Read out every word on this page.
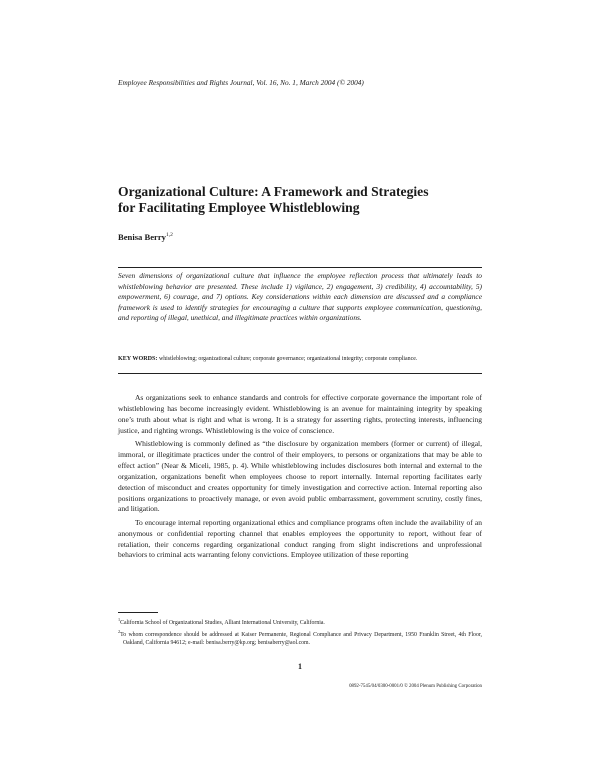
Employee Responsibilities and Rights Journal, Vol. 16, No. 1, March 2004 (© 2004)
Organizational Culture: A Framework and Strategies
for Facilitating Employee Whistleblowing
Benisa Berry$^{1,2}$
Seven dimensions of organizational culture that influence the employee reflection process that ultimately leads to whistleblowing behavior are presented. These include 1) vigilance, 2) engagement, 3) credibility, 4) accountability, 5) empowerment, 6) courage, and 7) options. Key considerations within each dimension are discussed and a compliance framework is used to identify strategies for encouraging a culture that supports employee communication, questioning, and reporting of illegal, unethical, and illegitimate practices within organizations.
KEY WORDS: whistleblowing; organizational culture; corporate governance; organizational integrity; corporate compliance.

As organizations seek to enhance standards and controls for effective corporate governance the important role of whistleblowing has become increasingly evident. Whistleblowing is an avenue for maintaining integrity by speaking one’s truth about what is right and what is wrong. It is a strategy for asserting rights, protecting interests, influencing justice, and righting wrongs. Whistleblowing is the voice of conscience.

Whistleblowing is commonly defined as “the disclosure by organization members (former or current) of illegal, immoral, or illegitimate practices under the control of their employers, to persons or organizations that may be able to effect action” (Near & Miceli, 1985, p. 4). While whistleblowing includes disclosures both internal and external to the organization, organizations benefit when employees choose to report internally. Internal reporting facilitates early detection of misconduct and creates opportunity for timely investigation and corrective action. Internal reporting also positions organizations to proactively manage, or even avoid public embarrassment, government scrutiny, costly fines, and litigation.

To encourage internal reporting organizational ethics and compliance programs often include the availability of an anonymous or confidential reporting channel that enables employees the opportunity to report, without fear of retaliation, their concerns regarding organizational conduct ranging from slight indiscretions and unprofessional behaviors to criminal acts warranting felony convictions. Employee utilization of these reporting

$^1$California School of Organizational Studies, Alliant International University, California.

$^2$To whom correspondence should be addressed at Kaiser Permanente, Regional Compliance and Privacy Department, 1950 Franklin Street, 4th Floor, Oakland, California 94612; e-mail: benisa.berry@kp.org; benisaberry@aol.com.

1
0892-7545/04/0300-0001/0 © 2004 Plenum Publishing Corporation
